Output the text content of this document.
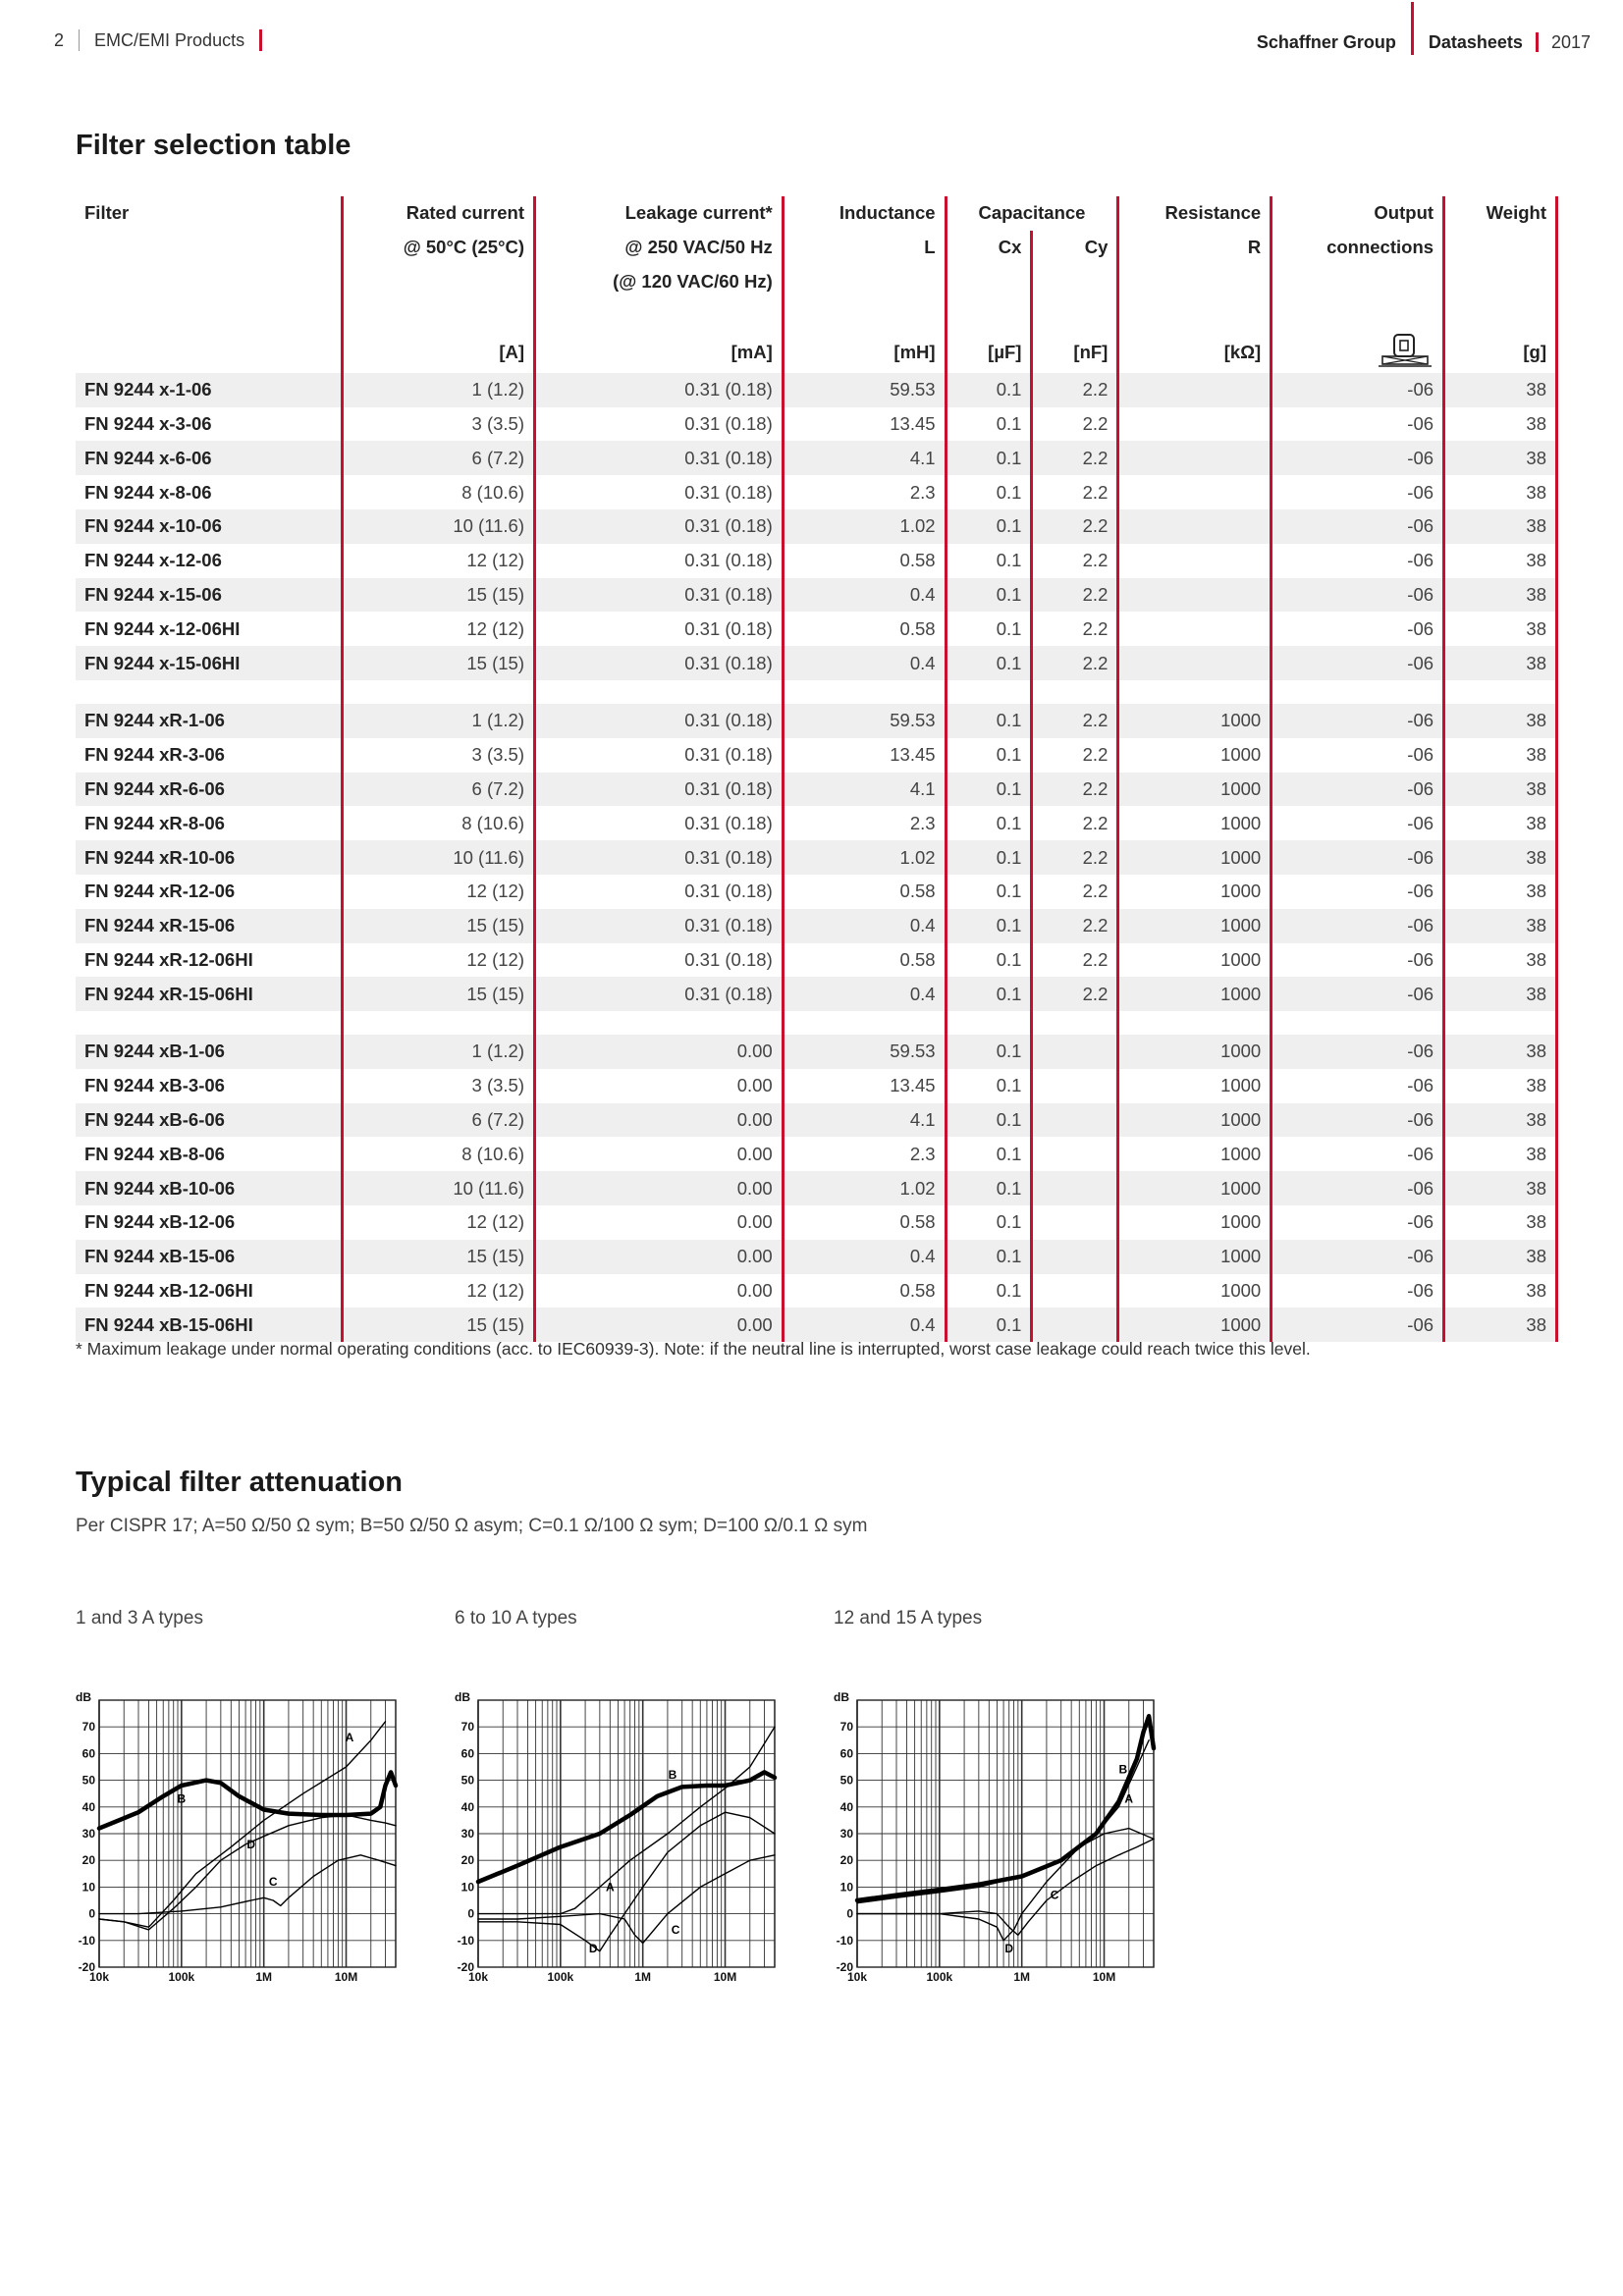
2 EMC/EMI Products	Schaffner Group Datasheets 2017
Filter selection table
Filter	Rated current	Leakage current*	Inductance	Capacitance		Resistance	Output	Weight
	@ 50°C (25°C)	@ 250 VAC/50 Hz	L	Cx	Cy	R	connections	
		(@ 120 VAC/60 Hz)						

	[A]	[mA]	[mH]	[µF]	[nF]	[kΩ]		[g]
FN 9244 x-1-06	1 (1.2)	0.31 (0.18)	59.53	0.1	2.2		-06	38
FN 9244 x-3-06	3 (3.5)	0.31 (0.18)	13.45	0.1	2.2		-06	38
FN 9244 x-6-06	6 (7.2)	0.31 (0.18)	4.1	0.1	2.2		-06	38
FN 9244 x-8-06	8 (10.6)	0.31 (0.18)	2.3	0.1	2.2		-06	38
FN 9244 x-10-06	10 (11.6)	0.31 (0.18)	1.02	0.1	2.2		-06	38
FN 9244 x-12-06	12 (12)	0.31 (0.18)	0.58	0.1	2.2		-06	38
FN 9244 x-15-06	15 (15)	0.31 (0.18)	0.4	0.1	2.2		-06	38
FN 9244 x-12-06HI	12 (12)	0.31 (0.18)	0.58	0.1	2.2		-06	38
FN 9244 x-15-06HI	15 (15)	0.31 (0.18)	0.4	0.1	2.2		-06	38

FN 9244 xR-1-06	1 (1.2)	0.31 (0.18)	59.53	0.1	2.2	1000	-06	38
FN 9244 xR-3-06	3 (3.5)	0.31 (0.18)	13.45	0.1	2.2	1000	-06	38
FN 9244 xR-6-06	6 (7.2)	0.31 (0.18)	4.1	0.1	2.2	1000	-06	38
FN 9244 xR-8-06	8 (10.6)	0.31 (0.18)	2.3	0.1	2.2	1000	-06	38
FN 9244 xR-10-06	10 (11.6)	0.31 (0.18)	1.02	0.1	2.2	1000	-06	38
FN 9244 xR-12-06	12 (12)	0.31 (0.18)	0.58	0.1	2.2	1000	-06	38
FN 9244 xR-15-06	15 (15)	0.31 (0.18)	0.4	0.1	2.2	1000	-06	38
FN 9244 xR-12-06HI	12 (12)	0.31 (0.18)	0.58	0.1	2.2	1000	-06	38
FN 9244 xR-15-06HI	15 (15)	0.31 (0.18)	0.4	0.1	2.2	1000	-06	38

FN 9244 xB-1-06	1 (1.2)	0.00	59.53	0.1		1000	-06	38
FN 9244 xB-3-06	3 (3.5)	0.00	13.45	0.1		1000	-06	38
FN 9244 xB-6-06	6 (7.2)	0.00	4.1	0.1		1000	-06	38
FN 9244 xB-8-06	8 (10.6)	0.00	2.3	0.1		1000	-06	38
FN 9244 xB-10-06	10 (11.6)	0.00	1.02	0.1		1000	-06	38
FN 9244 xB-12-06	12 (12)	0.00	0.58	0.1		1000	-06	38
FN 9244 xB-15-06	15 (15)	0.00	0.4	0.1		1000	-06	38
FN 9244 xB-12-06HI	12 (12)	0.00	0.58	0.1		1000	-06	38
FN 9244 xB-15-06HI	15 (15)	0.00	0.4	0.1		1000	-06	38
* Maximum leakage under normal operating conditions (acc. to IEC60939-3). Note: if the neutral line is interrupted, worst case leakage could reach twice this level.
Typical filter attenuation
Per CISPR 17; A=50 Ω/50 Ω sym; B=50 Ω/50 Ω asym; C=0.1 Ω/100 Ω sym; D=100 Ω/0.1 Ω sym
1 and 3 A types	6 to 10 A types	12 and 15 A types
dB
70
60
50
40
30
20
10
0
-10
-20
10k	100k	1M	10M
A
B
C
D
dB
70
60
50
40
30
20
10
0
-10
-20
10k	100k	1M	10M
A
B
C
D
dB
70
60
50
40
30
20
10
0
-10
-20
10k	100k	1M	10M
A
B
C
D
